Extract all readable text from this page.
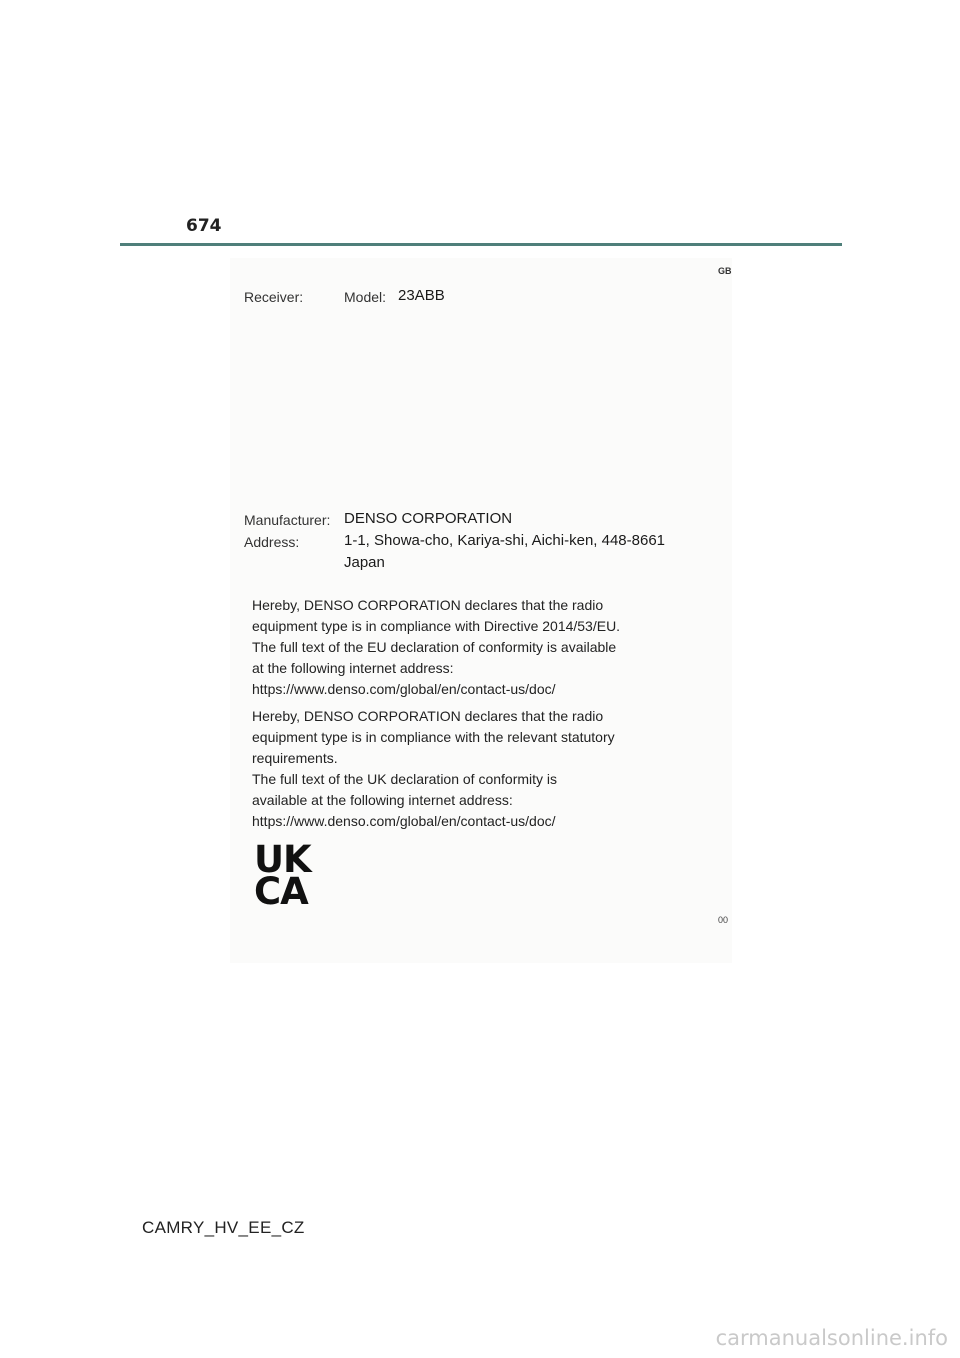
674
GB
Receiver:	Model: 23ABB
Manufacturer: DENSO CORPORATION
Address:	1-1, Showa-cho, Kariya-shi, Aichi-ken, 448-8661
Japan
Hereby, DENSO CORPORATION declares that the radio
equipment type is in compliance with Directive 2014/53/EU.
The full text of the EU declaration of conformity is available
at the following internet address:
https://www.denso.com/global/en/contact-us/doc/
Hereby, DENSO CORPORATION declares that the radio
equipment type is in compliance with the relevant statutory
requirements.
The full text of the UK declaration of conformity is
available at the following internet address:
https://www.denso.com/global/en/contact-us/doc/
UK
CA
00
CAMRY_HV_EE_CZ
carmanualsonline.info
